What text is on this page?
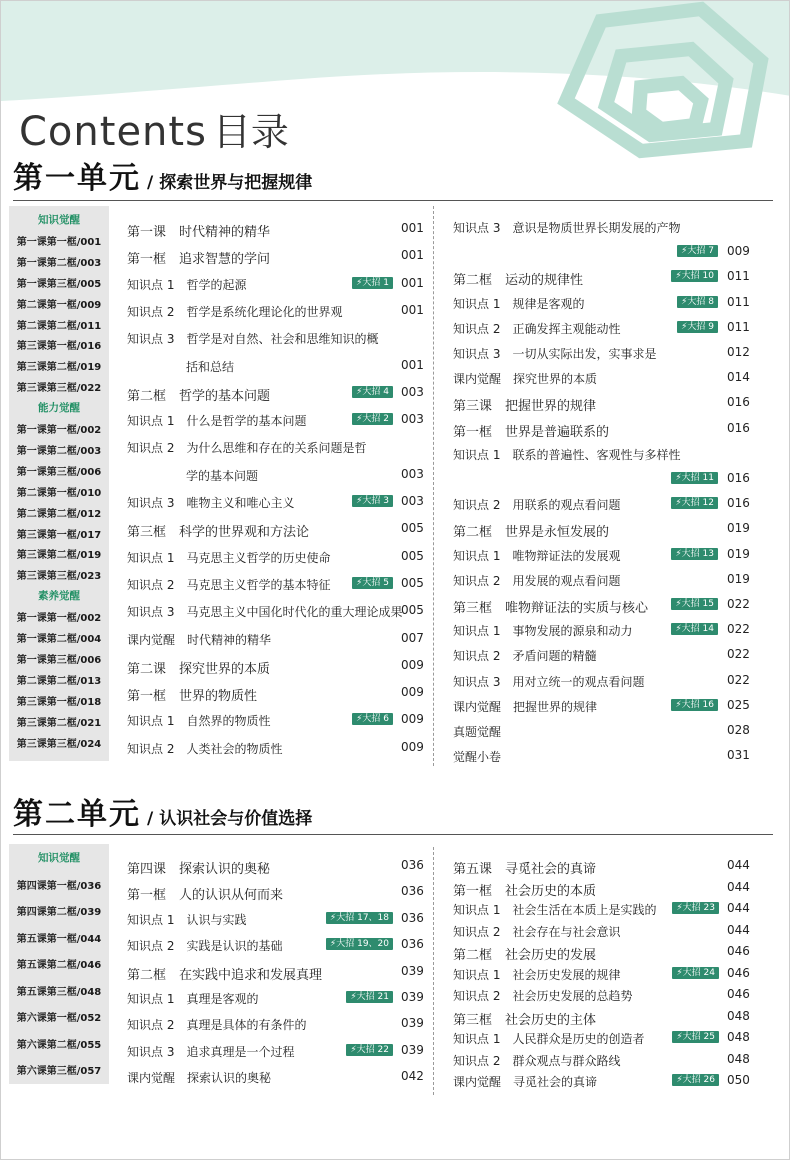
Contents 目录
第一单元 / 探索世界与把握规律
知识觉醒
第一课第一框/001
第一课第二框/003
第一课第三框/005
第二课第一框/009
第二课第二框/011
第三课第一框/016
第三课第二框/019
第三课第三框/022
能力觉醒
第一课第一框/002
第一课第二框/003
第一课第三框/006
第二课第一框/010
第二课第二框/012
第三课第一框/017
第三课第二框/019
第三课第三框/023
素养觉醒
第一课第一框/002
第一课第二框/004
第一课第三框/006
第二课第二框/013
第三课第一框/018
第三课第二框/021
第三课第三框/024
第一课　时代精神的精华	001
第一框　追求智慧的学问	001
知识点 1　哲学的起源	⚡大招 1	001
知识点 2　哲学是系统化理论化的世界观	001
知识点 3　哲学是对自然、社会和思维知识的概
括和总结	001
第二框　哲学的基本问题	⚡大招 4	003
知识点 1　什么是哲学的基本问题	⚡大招 2	003
知识点 2　为什么思维和存在的关系问题是哲
学的基本问题	003
知识点 3　唯物主义和唯心主义	⚡大招 3	003
第三框　科学的世界观和方法论	005
知识点 1　马克思主义哲学的历史使命	005
知识点 2　马克思主义哲学的基本特征	⚡大招 5	005
知识点 3　马克思主义中国化时代化的重大理论成果
005
课内觉醒　时代精神的精华	007
第二课　探究世界的本质	009
第一框　世界的物质性	009
知识点 1　自然界的物质性	⚡大招 6	009
知识点 2　人类社会的物质性	009
知识点 3　意识是物质世界长期发展的产物
⚡大招 7	009
第二框　运动的规律性	⚡大招 10	011
知识点 1　规律是客观的	⚡大招 8	011
知识点 2　正确发挥主观能动性	⚡大招 9	011
知识点 3　一切从实际出发，实事求是	012
课内觉醒　探究世界的本质	014
第三课　把握世界的规律	016
第一框　世界是普遍联系的	016
知识点 1　联系的普遍性、客观性与多样性
⚡大招 11	016
知识点 2　用联系的观点看问题	⚡大招 12	016
第二框　世界是永恒发展的	019
知识点 1　唯物辩证法的发展观	⚡大招 13	019
知识点 2　用发展的观点看问题	019
第三框　唯物辩证法的实质与核心	⚡大招 15	022
知识点 1　事物发展的源泉和动力	⚡大招 14	022
知识点 2　矛盾问题的精髓	022
知识点 3　用对立统一的观点看问题	022
课内觉醒　把握世界的规律	⚡大招 16	025
真题觉醒	028
觉醒小卷	031
第二单元 / 认识社会与价值选择
知识觉醒
第四课第一框/036
第四课第二框/039
第五课第一框/044
第五课第二框/046
第五课第三框/048
第六课第一框/052
第六课第二框/055
第六课第三框/057
第四课　探索认识的奥秘	036
第一框　人的认识从何而来	036
知识点 1　认识与实践	⚡大招 17、18	036
知识点 2　实践是认识的基础	⚡大招 19、20	036
第二框　在实践中追求和发展真理	039
知识点 1　真理是客观的	⚡大招 21	039
知识点 2　真理是具体的有条件的	039
知识点 3　追求真理是一个过程	⚡大招 22	039
课内觉醒　探索认识的奥秘	042
第五课　寻觅社会的真谛	044
第一框　社会历史的本质	044
知识点 1　社会生活在本质上是实践的	⚡大招 23	044
知识点 2　社会存在与社会意识	044
第二框　社会历史的发展	046
知识点 1　社会历史发展的规律	⚡大招 24	046
知识点 2　社会历史发展的总趋势	046
第三框　社会历史的主体	048
知识点 1　人民群众是历史的创造者	⚡大招 25	048
知识点 2　群众观点与群众路线	048
课内觉醒　寻觅社会的真谛	⚡大招 26	050
